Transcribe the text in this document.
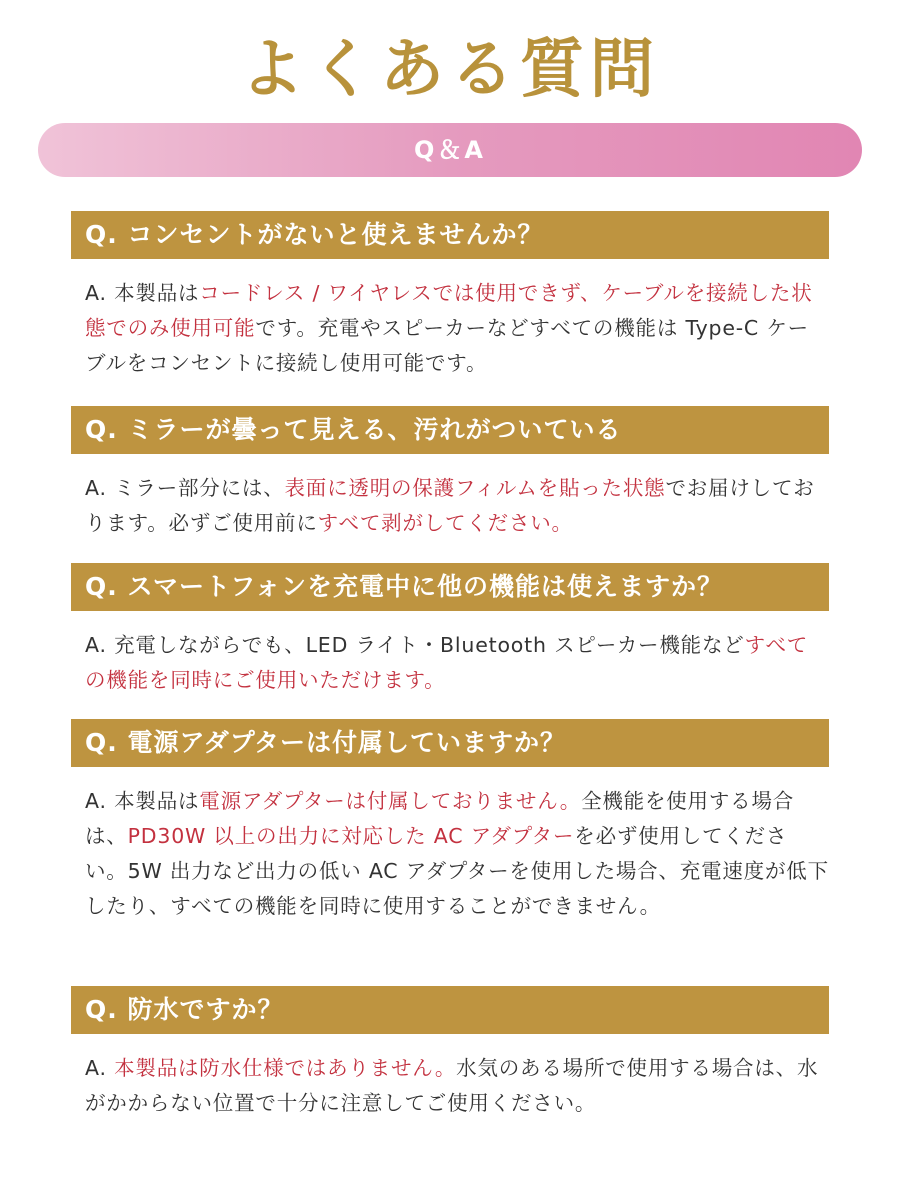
よくある質問
Q＆A
Q. コンセントがないと使えませんか？
A. 本製品はコードレス / ワイヤレスでは使用できず、ケーブルを接続した状態でのみ使用可能です。充電やスピーカーなどすべての機能は Type-C ケーブルをコンセントに接続し使用可能です。
Q. ミラーが曇って見える、汚れがついている
A. ミラー部分には、表面に透明の保護フィルムを貼った状態でお届けしております。必ずご使用前にすべて剥がしてください。
Q. スマートフォンを充電中に他の機能は使えますか？
A. 充電しながらでも、LED ライト・Bluetooth スピーカー機能などすべての機能を同時にご使用いただけます。
Q. 電源アダプターは付属していますか？
A. 本製品は電源アダプターは付属しておりません。全機能を使用する場合は、PD30W 以上の出力に対応した AC アダプターを必ず使用してください。5W 出力など出力の低い AC アダプターを使用した場合、充電速度が低下したり、すべての機能を同時に使用することができません。
Q. 防水ですか？
A. 本製品は防水仕様ではありません。水気のある場所で使用する場合は、水がかからない位置で十分に注意してご使用ください。
